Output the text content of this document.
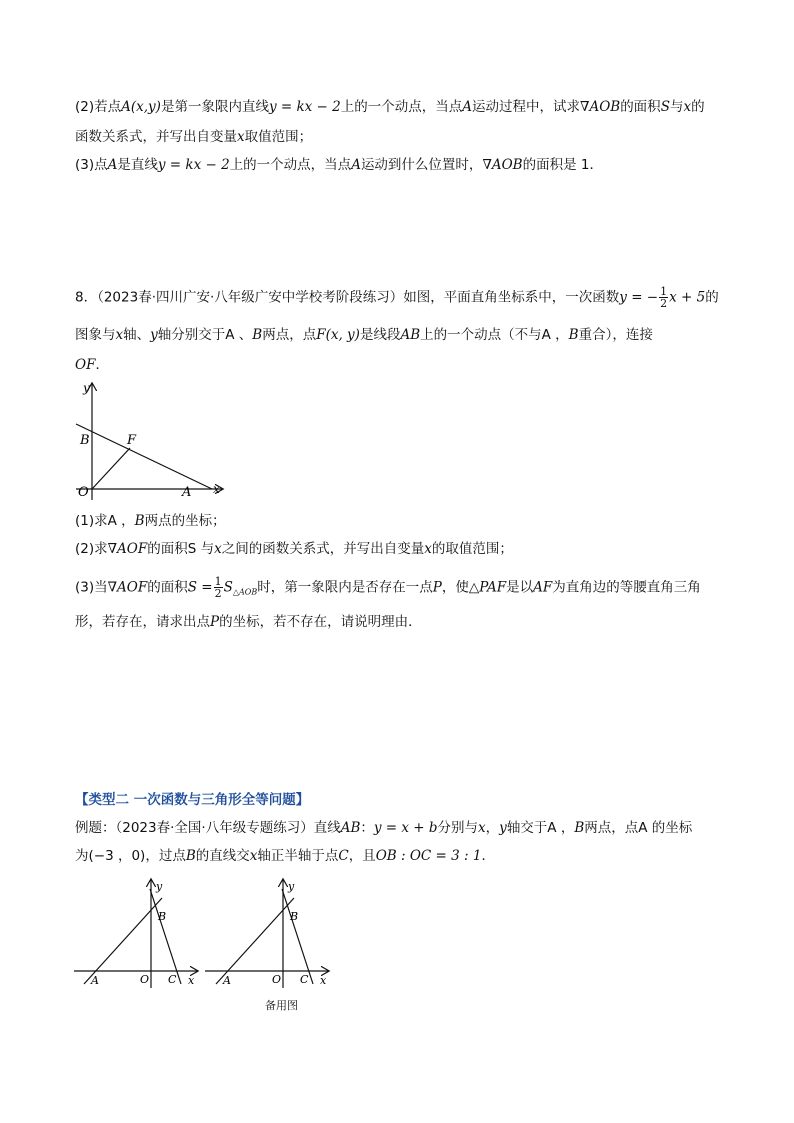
(2)若点A(x,y)是第一象限内直线y = kx − 2上的一个动点，当点A运动过程中，试求∇AOB的面积S与x的
函数关系式，并写出自变量x取值范围；
(3)点A是直线y = kx − 2上的一个动点，当点A运动到什么位置时，∇AOB的面积是 1．
8．（2023春·四川广安·八年级广安中学校考阶段练习）如图，平面直角坐标系中，一次函数y = − $\frac{1}{2}$ x + 5的
图象与x轴、y轴分别交于A 、B两点，点F(x, y)是线段AB上的一个动点（不与A ，B重合），连接
OF．
y
x
B	F
O	A
(1)求A ，B两点的坐标；
(2)求∇AOF的面积S 与x之间的函数关系式，并写出自变量x的取值范围；
(3)当∇AOF的面积$S = \frac{1}{2} S_{\triangle AOB}$时，第一象限内是否存在一点P，使△PAF是以AF为直角边的等腰直角三角
形，若存在，请求出点P的坐标，若不存在，请说明理由．
【类型二 一次函数与三角形全等问题】
例题：（2023春·全国·八年级专题练习）直线AB：y = x + b分别与x，y轴交于A ，B两点，点A 的坐标
为(−3 ，0)，过点B的直线交x轴正半轴于点C，且OB : OC = 3 : 1．
y
x
B
O
A	C
y
x
B
O
A	C
备用图
